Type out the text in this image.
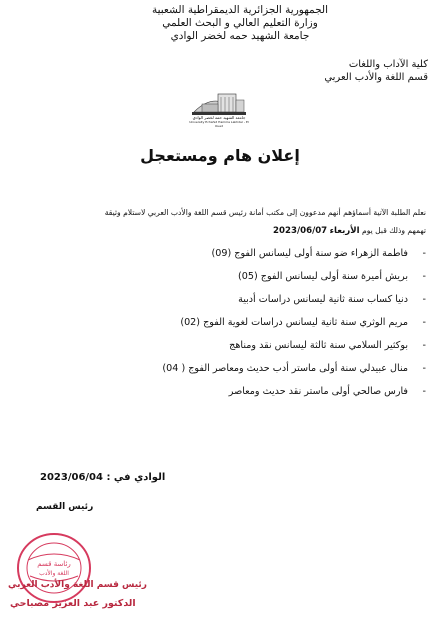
الجمهورية الجزائرية الديمقراطية الشعبية
وزارة التعليم العالي و البحث العلمي
جامعة الشهيد حمه لخضر الوادي
كلية الآداب واللغات
قسم اللغة والأدب العربي
جامعة الشهيد حمه لخضر الوادي
University Echahid Hamma Lakhdar - El Oued
إعلان هام ومستعجل
نعلم الطلبة الآتية أسماؤهم أنهم مدعوون إلى مكتب أمانة رئيس قسم اللغة والأدب العربي لاستلام وثيقة
تهمهم وذلك قبل يوم الأربعاء 2023/06/07
-فاطمة الزهراء ضو سنة أولى ليسانس الفوج (09)
-بريش أميرة سنة أولى ليسانس الفوج (05)
-دنيا كساب سنة ثانية ليسانس دراسات أدبية
-مريم الوثري سنة ثانية ليسانس دراسات لغوية الفوج (02)
-بوكثير السلامي سنة ثالثة ليسانس نقد ومناهج
-منال عبيدلي سنة أولى ماستر أدب حديث ومعاصر الفوج ( 04)
-فارس صالحي أولى ماستر نقد حديث ومعاصر
الوادي في : 2023/06/04
رئيس القسم
رئاسة قسم
اللغة والأدب
رئيس قسم اللغة والأدب العربي
الدكتور عبد العزيز مصباحي
